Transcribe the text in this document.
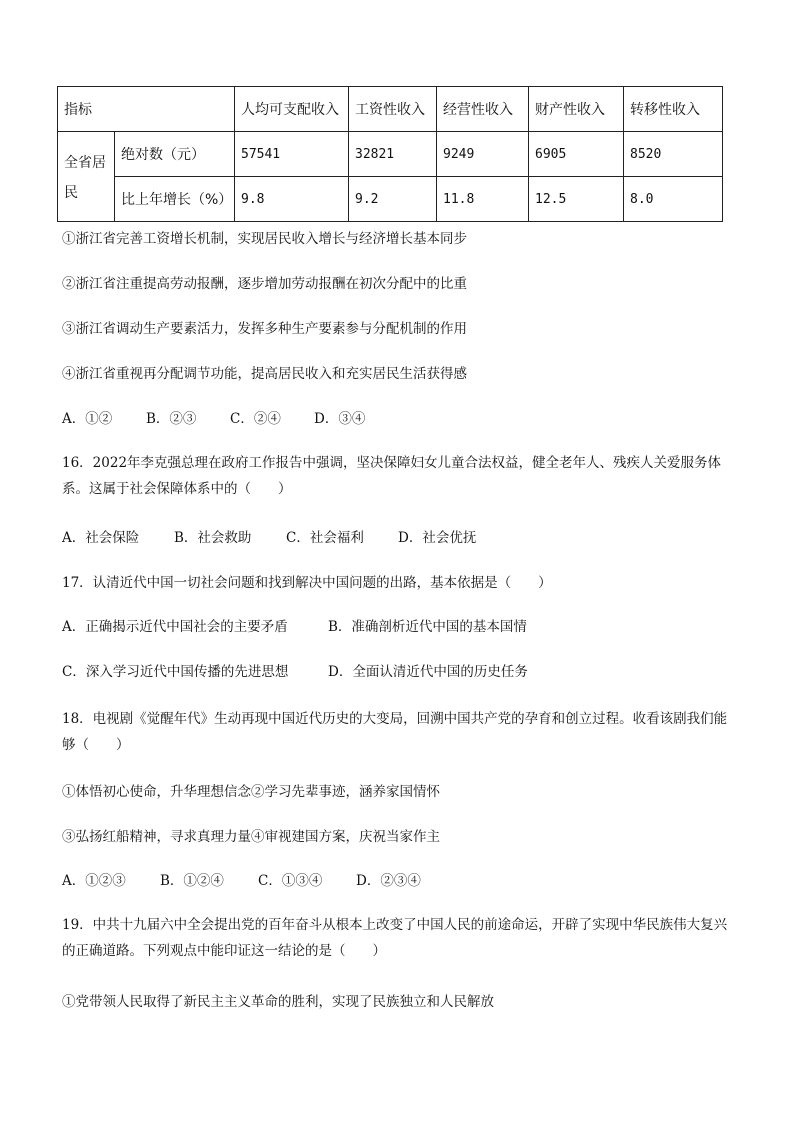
指标		人均可支配收入	工资性收入	经营性收入	财产性收入	转移性收入
全省居民	绝对数（元）	57541	32821	9249	6905	8520
	比上年增长（%）	9.8	9.2	11.8	12.5	8.0
①浙江省完善工资增长机制，实现居民收入增长与经济增长基本同步
②浙江省注重提高劳动报酬，逐步增加劳动报酬在初次分配中的比重
③浙江省调动生产要素活力，发挥多种生产要素参与分配机制的作用
④浙江省重视再分配调节功能，提高居民收入和充实居民生活获得感
A．①②	B．②③ C．②④ D．③④
16．2022年李克强总理在政府工作报告中强调，坚决保障妇女儿童合法权益，健全老年人、残疾人关爱服务体系。这属于社会保障体系中的（　　）
A．社会保险	B．社会救助	C．社会福利	D．社会优抚
17．认清近代中国一切社会问题和找到解决中国问题的出路，基本依据是（　　）
A．正确揭示近代中国社会的主要矛盾	B．准确剖析近代中国的基本国情
C．深入学习近代中国传播的先进思想	D．全面认清近代中国的历史任务
18．电视剧《觉醒年代》生动再现中国近代历史的大变局，回溯中国共产党的孕育和创立过程。收看该剧我们能够（　　）
①体悟初心使命，升华理想信念②学习先辈事迹，涵养家国情怀
③弘扬红船精神，寻求真理力量④审视建国方案，庆祝当家作主
A．①②③	B．①②④	C．①③④ D．②③④
19．中共十九届六中全会提出党的百年奋斗从根本上改变了中国人民的前途命运，开辟了实现中华民族伟大复兴的正确道路。下列观点中能印证这一结论的是（　　）
①党带领人民取得了新民主主义革命的胜利，实现了民族独立和人民解放
